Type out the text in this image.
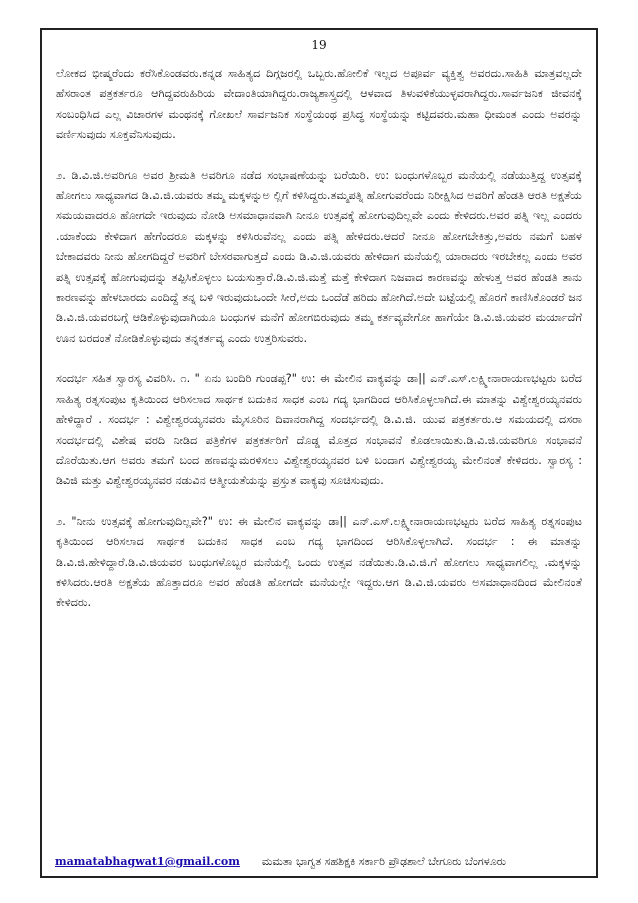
19

ಲೋಕದ ಭೀಷ್ಮರೆಂದು ಕರೆಸಿಕೊಂಡವರು.ಕನ್ನಡ ಸಾಹಿತ್ಯದ ದಿಗ್ಗಜರಲ್ಲಿ ಒಬ್ಬರು.ಹೋಲಿಕೆ ಇಲ್ಲದ ಅಪೂರ್ವ ವ್ಯಕ್ತಿತ್ವ ಅವರದು.ಸಾಹಿತಿ ಮಾತ್ರವಲ್ಲದೇ ಹೆಸರಾಂತ ಪತ್ರಕರ್ತರೂ ಆಗಿದ್ದವರುಹಿರಿಯ ವೇದಾಂತಿಯಾಗಿದ್ದರು.ರಾಜ್ಯಶಾಸ್ತ್ರದಲ್ಲಿ ಆಳವಾದ ತಿಳುವಳಿಕೆಯುಳ್ಳವರಾಗಿದ್ದರು.ಸಾರ್ವಜನಿಕ ಜೀವನಕ್ಕೆ ಸಂಬಂಧಿಸಿದ ಎಲ್ಲ ವಿಚಾರಗಳ ಮಂಥನಕ್ಕೆ ಗೋಖಲೆ ಸಾರ್ವಜನಿಕ ಸಂಸ್ಥೆಯಂಥ ಪ್ರಸಿದ್ಧ ಸಂಸ್ಥೆಯನ್ನು ಕಟ್ಟಿದವರು.ಮಹಾ ಧೀಮಂತ ಎಂದು ಅವರನ್ನು ವರ್ಣಿಸುವುದು ಸೂಕ್ತವೆನಿಸುವುದು.

೨. ಡಿ.ವಿ.ಜಿ.ಅವರಿಗೂ ಅವರ ಶ್ರೀಮತಿ ಅವರಿಗೂ ನಡೆದ ಸಂಭಾಷಣೆಯನ್ನು ಬರೆಯಿರಿ. ಉ: ಬಂಧುಗಳೊಬ್ಬರ ಮನೆಯಲ್ಲಿ ನಡೆಯುತ್ತಿದ್ದ ಉತ್ಸವಕ್ಕೆ ಹೋಗಲು ಸಾಧ್ಯವಾಗದ ಡಿ.ವಿ.ಜಿ.ಯವರು ತಮ್ಮ ಮಕ್ಕಳನ್ನುಅ ಲ್ಲಿಗೆ ಕಳಿಸಿದ್ದರು.ತಮ್ಮಪತ್ನಿ ಹೋಗುವರೆಂದು ನಿರೀಕ್ಷಿಸಿದ ಅವರಿಗೆ ಹೆಂಡತಿ ಆರತಿ ಅಕ್ಷತೆಯ ಸಮಯವಾದರೂ ಹೋಗದೇ ಇರುವುದು ನೋಡಿ ಅಸಮಾಧಾನವಾಗಿ ನೀನೂ ಉತ್ಸವಕ್ಕೆ ಹೋಗುವುದಿಲ್ಲವೇ ಎಂದು ಕೇಳಿದರು.ಅವರ ಪತ್ನಿ ಇಲ್ಲ ಎಂದರು .ಯಾಕೆಂದು ಕೇಳಿದಾಗ ಹೇಗೆಂದರೂ ಮಕ್ಕಳನ್ನು ಕಳಿಸಿರುವೆನಲ್ಲ ಎಂದು ಪತ್ನಿ ಹೇಳಿದರು.ಆದರೆ ನೀನೂ ಹೋಗಬೇಕಿತ್ತು,ಅವರು ನಮಗೆ ಬಹಳ ಬೇಕಾದವರು ನೀನು ಹೋಗದಿದ್ದರೆ ಅವರಿಗೆ ಬೇಸರವಾಗುತ್ತದೆ ಎಂದು ಡಿ.ವಿ.ಜಿ.ಯವರು ಹೇಳಿದಾಗ ಮನೆಯಲ್ಲಿ ಯಾರಾದರು ಇರಬೇಕಲ್ಲ ಎಂದು ಅವರ ಪತ್ನಿ ಉತ್ಸವಕ್ಕೆ ಹೋಗುವುದನ್ನು ತಪ್ಪಿಸಿಕೊಳ್ಳಲು ಬಯಸುತ್ತಾರೆ.ಡಿ.ವಿ.ಜಿ.ಮತ್ತೆ ಮತ್ತೆ ಕೇಳಿದಾಗ ನಿಜವಾದ ಕಾರಣವನ್ನು ಹೇಳುತ್ತ ಅವರ ಹೆಂಡತಿ ತಾನು ಕಾರಣವನ್ನು ಹೇಳಬಾರದು ಎಂದಿದ್ದೆ ತನ್ನ ಬಳಿ ಇರುವುದುಒಂದೇ ಸೀರೆ,ಅದು ಒಂದೆಡೆ ಹರಿದು ಹೋಗಿದೆ.ಅದೇ ಬಟ್ಟೆಯಲ್ಲಿ ಹೊರಗೆ ಕಾಣಿಸಿಕೊಂಡರೆ ಜನ ಡಿ.ವಿ.ಜಿ.ಯವರಬಗ್ಗೆ ಆಡಿಕೊಳ್ಳುವುದಾಗಿಯೂ ಬಂಧುಗಳ ಮನೆಗೆ ಹೋಗಬಿರುವುದು ತಮ್ಮ ಕರ್ತವ್ಯವೇಗೋ ಹಾಗೆಯೇ ಡಿ.ವಿ.ಜಿ.ಯವರ ಮರ್ಯಾದೆಗೆ ಊನ ಬರದಂತೆ ನೋಡಿಕೊಳ್ಳುವುದು ತನ್ನಕರ್ತವ್ಯ ಎಂದು ಉತ್ತರಿಸುವರು.

ಸಂದರ್ಭ ಸಹಿತ ಸ್ವಾರಸ್ಯ ವಿವರಿಸಿ. ೧. " ಏನು ಬಂದಿರಿ ಗುಂಡಪ್ಪ?" ಉ: ಈ ಮೇಲಿನ ವಾಕ್ಯವನ್ನು ಡಾ|| ಎನ್.ಎಸ್.ಲಕ್ಷ್ಮೀನಾರಾಯಣಭಟ್ಟರು ಬರೆದ ಸಾಹಿತ್ಯ ರತ್ನಸಂಪುಟ ಕೃತಿಯಿಂದ ಆರಿಸಲಾದ ಸಾರ್ಥಕ ಬದುಕಿನ ಸಾಧಕ ಎಂಬ ಗದ್ಯ ಭಾಗದಿಂದ ಆರಿಸಿಕೊಳ್ಳಲಾಗಿದೆ.ಈ ಮಾತನ್ನು ವಿಶ್ವೇಶ್ವರಯ್ಯನವರು ಹೇಳಿದ್ದಾರೆ . ಸಂದರ್ಭ : ವಿಶ್ವೇಶ್ವರಯ್ಯನವರು ಮೈಸೂರಿನ ದಿವಾನರಾಗಿದ್ದ ಸಂದರ್ಭದಲ್ಲಿ ಡಿ.ವಿ.ಜಿ. ಯುವ ಪತ್ರಕರ್ತರು.ಆ ಸಮಯದಲ್ಲಿ ದಸರಾ ಸಂದರ್ಭದಲ್ಲಿ ವಿಶೇಷ ವರದಿ ನೀಡಿದ ಪತ್ರಿಕೆಗಳ ಪತ್ರಕರ್ತರಿಗೆ ದೊಡ್ಡ ಮೊತ್ತದ ಸಂಭಾವನೆ ಕೊಡಲಾಯಿತು.ಡಿ.ವಿ.ಜಿ.ಯವರಿಗೂ ಸಂಭಾವನೆ ದೊರೆಯಿತು.ಆಗ ಅವರು ತಮಗೆ ಬಂದ ಹಣವನ್ನುಮರಳಿಸಲು ವಿಶ್ವೇಶ್ವರಯ್ಯನವರ ಬಳಿ ಬಂದಾಗ ವಿಶ್ವೇಶ್ವರಯ್ಯ ಮೇಲಿನಂತೆ ಕೇಳಿದರು. ಸ್ವಾರಸ್ಯ : ಡಿವಿಜಿ ಮತ್ತು ವಿಶ್ವೇಶ್ವರಯ್ಯನವರ ನಡುವಿನ ಆತ್ಮೀಯತೆಯನ್ನು ಪ್ರಸ್ತುತ ವಾಕ್ಯವು ಸೂಚಿಸುವುದು.

೨. "ನೀನು ಉತ್ಸವಕ್ಕೆ ಹೋಗುವುದಿಲ್ಲವೇ?" ಉ: ಈ ಮೇಲಿನ ವಾಕ್ಯವನ್ನು ಡಾ|| ಎನ್.ಎಸ್.ಲಕ್ಷ್ಮೀನಾರಾಯಣಭಟ್ಟರು ಬರೆದ ಸಾಹಿತ್ಯ ರತ್ನಸಂಪುಟ ಕೃತಿಯಿಂದ ಆರಿಸಲಾದ ಸಾರ್ಥಕ ಬದುಕಿನ ಸಾಧಕ ಎಂಬ ಗದ್ಯ ಭಾಗದಿಂದ ಆರಿಸಿಕೊಳ್ಳಲಾಗಿದೆ. ಸಂದರ್ಭ : ಈ ಮಾತನ್ನು ಡಿ.ವಿ.ಜಿ.ಹೇಳಿದ್ದಾರೆ.ಡಿ.ವಿ.ಜಿಯವರ ಬಂಧುಗಳೊಬ್ಬರ ಮನೆಯಲ್ಲಿ ಒಂದು ಉತ್ಸವ ನಡೆಯಿತು.ಡಿ.ವಿ.ಜಿ.ಗೆ ಹೋಗಲು ಸಾಧ್ಯವಾಗಲಿಲ್ಲ .ಮಕ್ಕಳನ್ನು ಕಳಿಸಿದರು.ಆರತಿ ಅಕ್ಷತೆಯ ಹೊತ್ತಾದರೂ ಅವರ ಹೆಂಡತಿ ಹೋಗದೇ ಮನೆಯಲ್ಲೇ ಇದ್ದರು.ಆಗ ಡಿ.ವಿ.ಜಿ.ಯವರು ಅಸಮಾಧಾನದಿಂದ ಮೇಲಿನಂತೆ ಕೇಳಿದರು.

mamatabhagwat1@gmail.com ಮಮತಾ ಭಾಗ್ವತ ಸಹಶಿಕ್ಷಕಿ ಸರ್ಕಾರಿ ಪ್ರೌಢಶಾಲೆ ಬೇಗೂರು ಬೆಂಗಳೂರು
